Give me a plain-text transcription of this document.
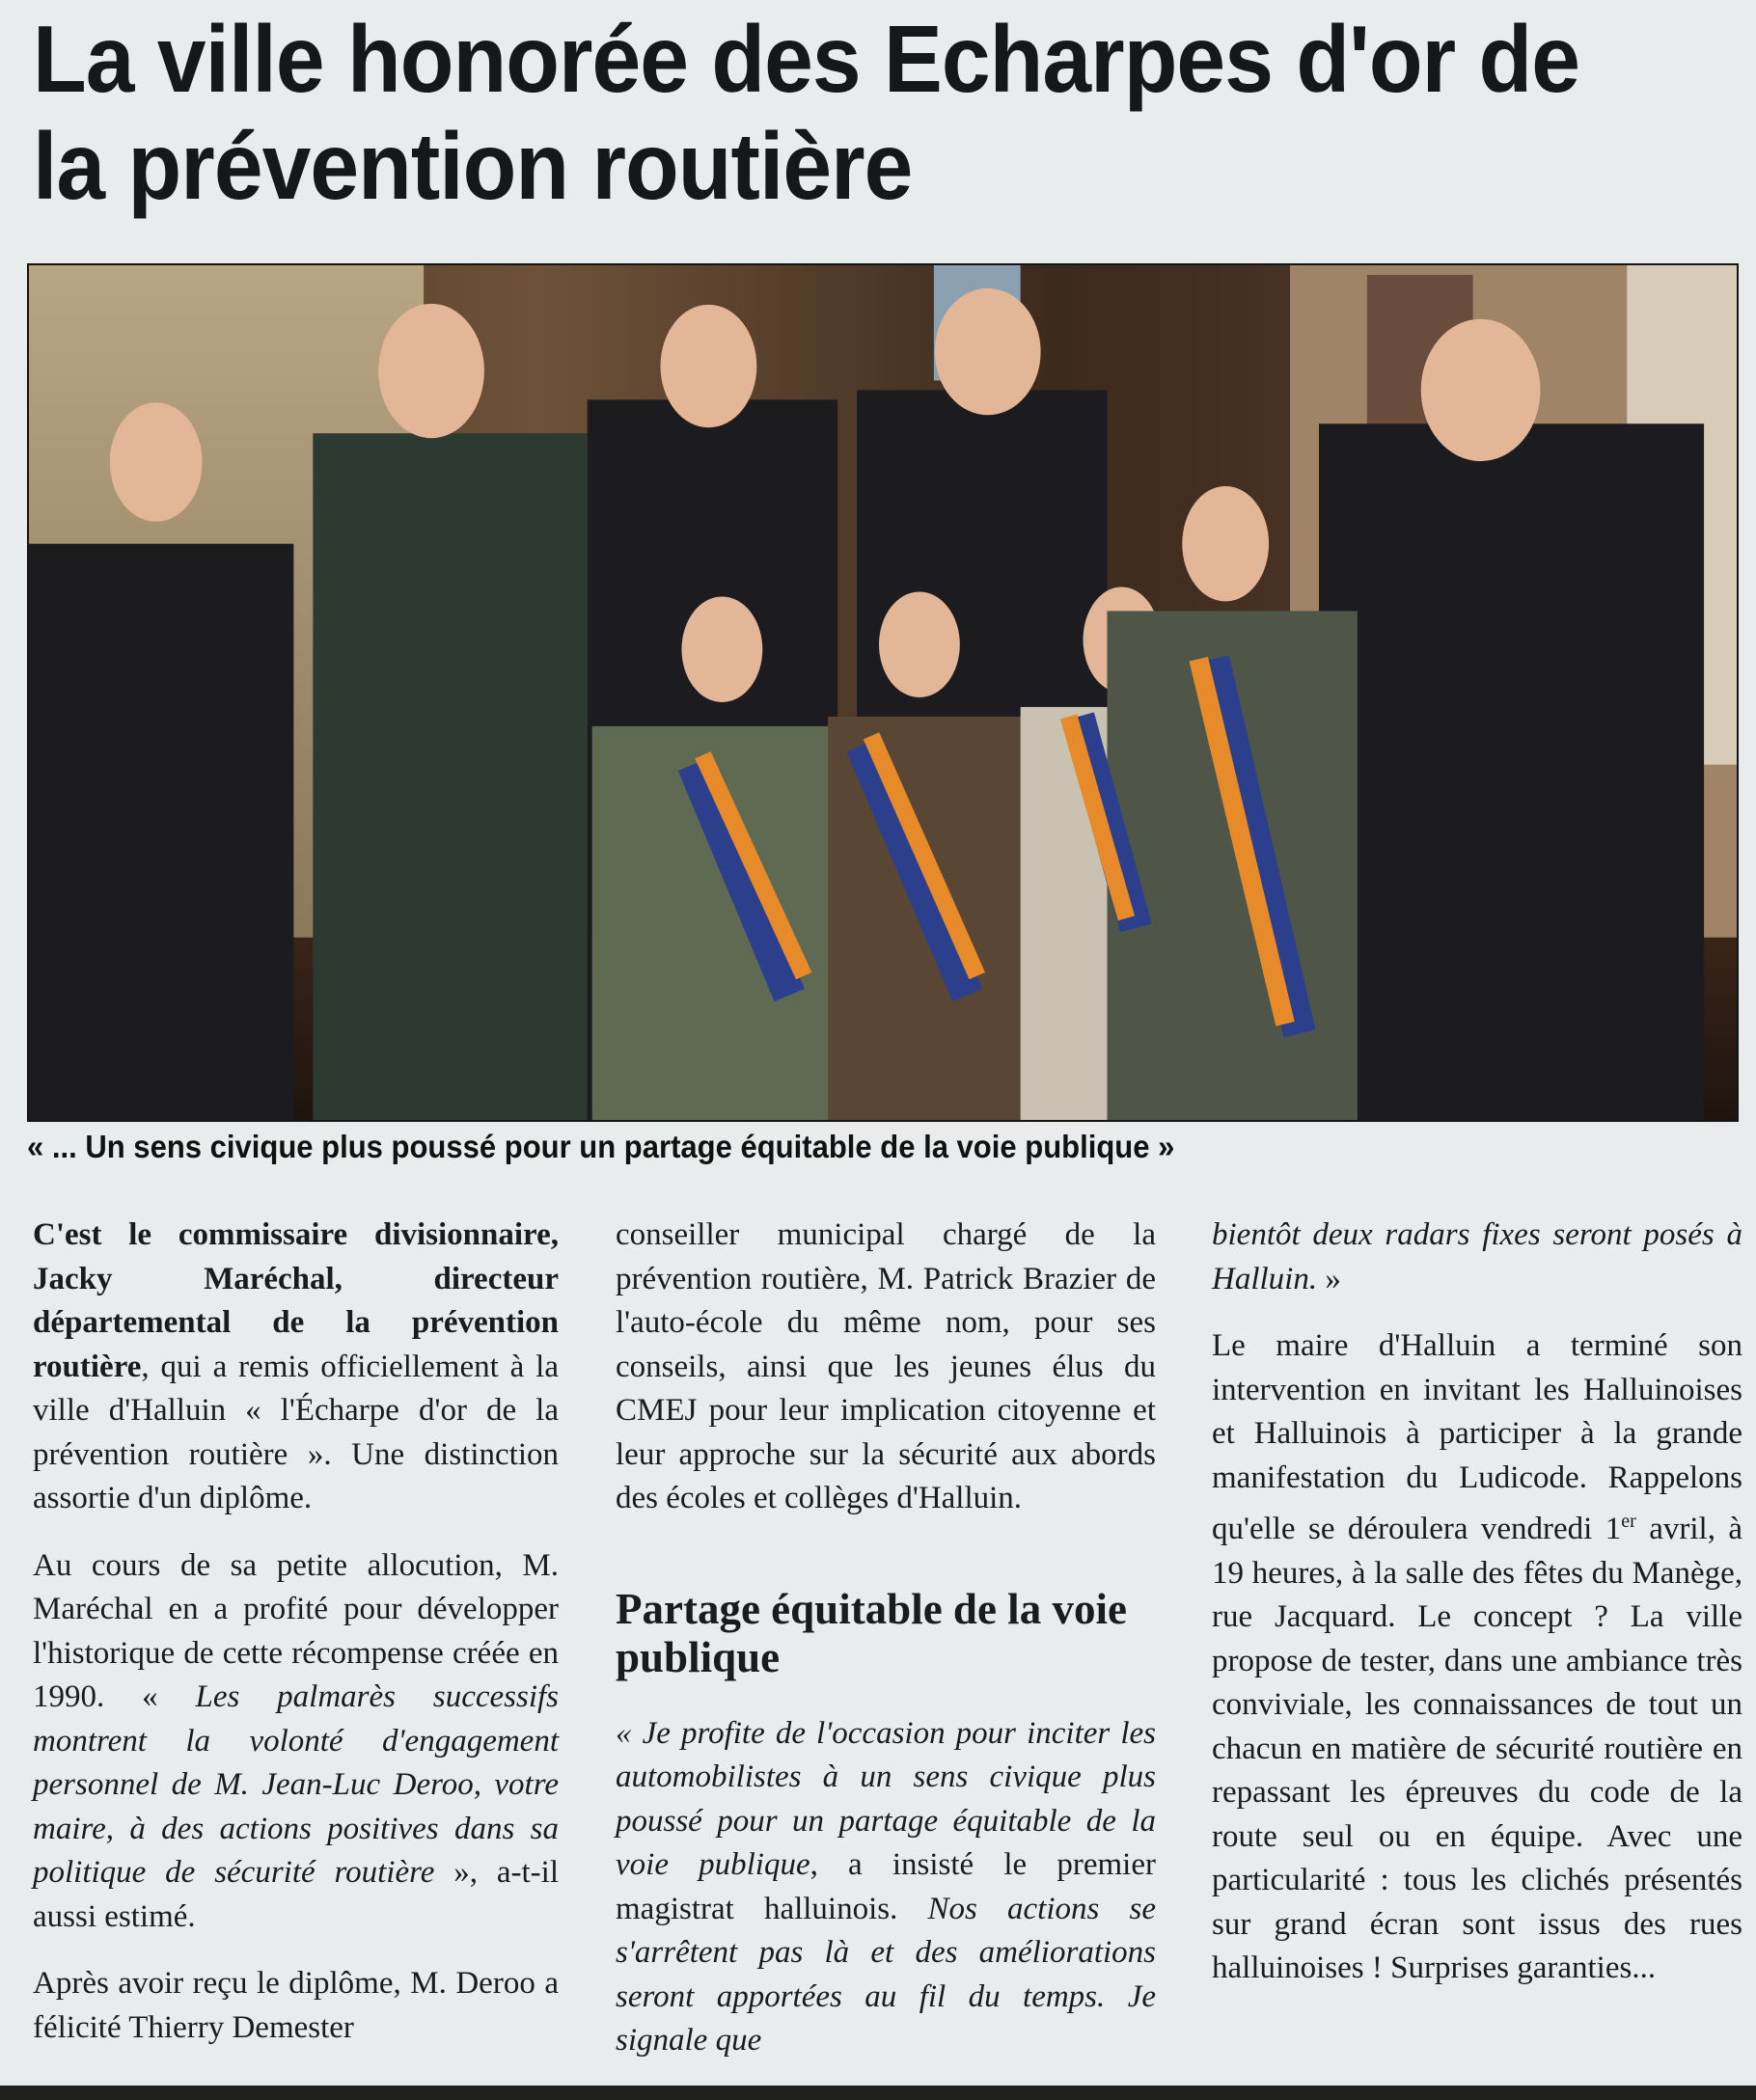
La ville honorée des Echarpes d'or de la prévention routière
« ... Un sens civique plus poussé pour un partage équitable de la voie publique »

C'est le commissaire divisionnaire, Jacky Maréchal, directeur départemental de la prévention routière, qui a remis officiellement à la ville d'Halluin « l'Écharpe d'or de la prévention routière ». Une distinction assortie d'un diplôme.

Au cours de sa petite allocution, M. Maréchal en a profité pour développer l'historique de cette récompense créée en 1990. « Les palmarès successifs montrent la volonté d'engagement personnel de M. Jean-Luc Deroo, votre maire, à des actions positives dans sa politique de sécurité routière », a-t-il aussi estimé.

Après avoir reçu le diplôme, M. Deroo a félicité Thierry Demester

conseiller municipal chargé de la prévention routière, M. Patrick Brazier de l'auto-école du même nom, pour ses conseils, ainsi que les jeunes élus du CMEJ pour leur implication citoyenne et leur approche sur la sécurité aux abords des écoles et collèges d'Halluin.

Partage équitable de la voie publique

« Je profite de l'occasion pour inciter les automobilistes à un sens civique plus poussé pour un partage équitable de la voie publique, a insisté le premier magistrat halluinois. Nos actions se s'arrêtent pas là et des améliorations seront apportées au fil du temps. Je signale que

bientôt deux radars fixes seront posés à Halluin. »

Le maire d'Halluin a terminé son intervention en invitant les Halluinoises et Halluinois à participer à la grande manifestation du Ludicode. Rappelons qu'elle se déroulera vendredi 1er avril, à 19 heures, à la salle des fêtes du Manège, rue Jacquard. Le concept ? La ville propose de tester, dans une ambiance très conviviale, les connaissances de tout un chacun en matière de sécurité routière en repassant les épreuves du code de la route seul ou en équipe. Avec une particularité : tous les clichés présentés sur grand écran sont issus des rues halluinoises ! Surprises garanties...
